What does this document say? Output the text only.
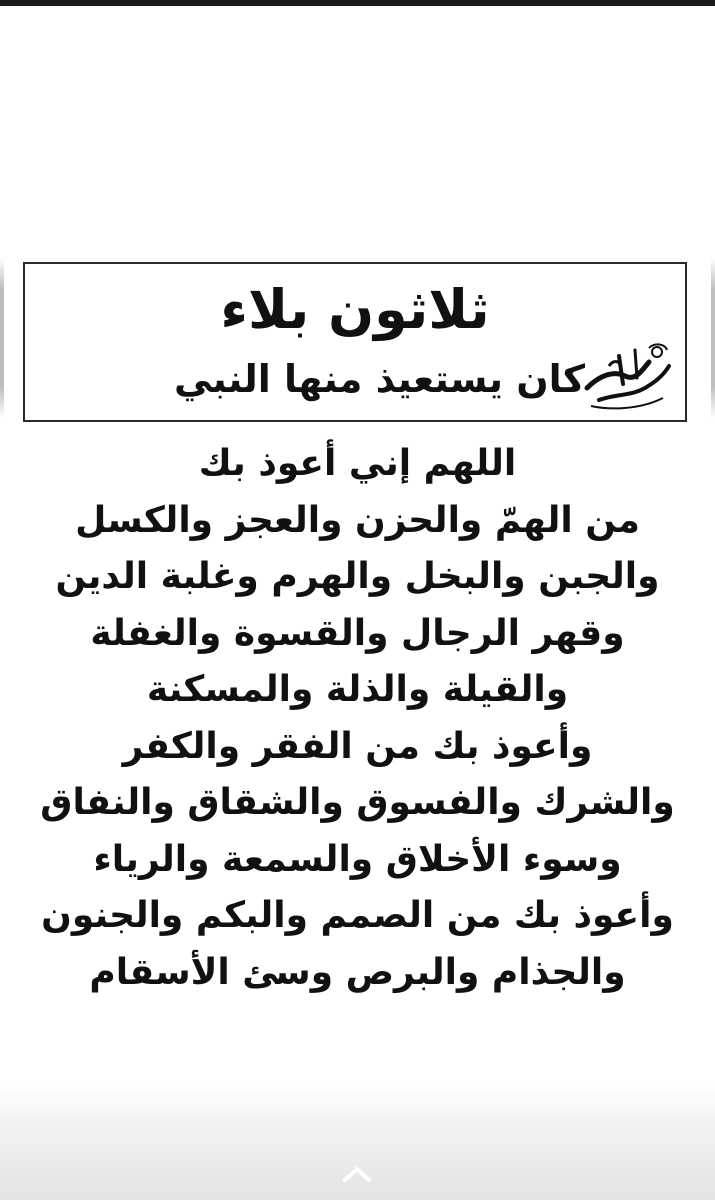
ثلاثون بلاء
كان يستعيذ منها النبي
اللهم إني أعوذ بك
من الهمّ والحزن والعجز والكسل
والجبن والبخل والهرم وغلبة الدين
وقهر الرجال والقسوة والغفلة
والقيلة والذلة والمسكنة
وأعوذ بك من الفقر والكفر
والشرك والفسوق والشقاق والنفاق
وسوء الأخلاق والسمعة والرياء
وأعوذ بك من الصمم والبكم والجنون
والجذام والبرص وسئ الأسقام
